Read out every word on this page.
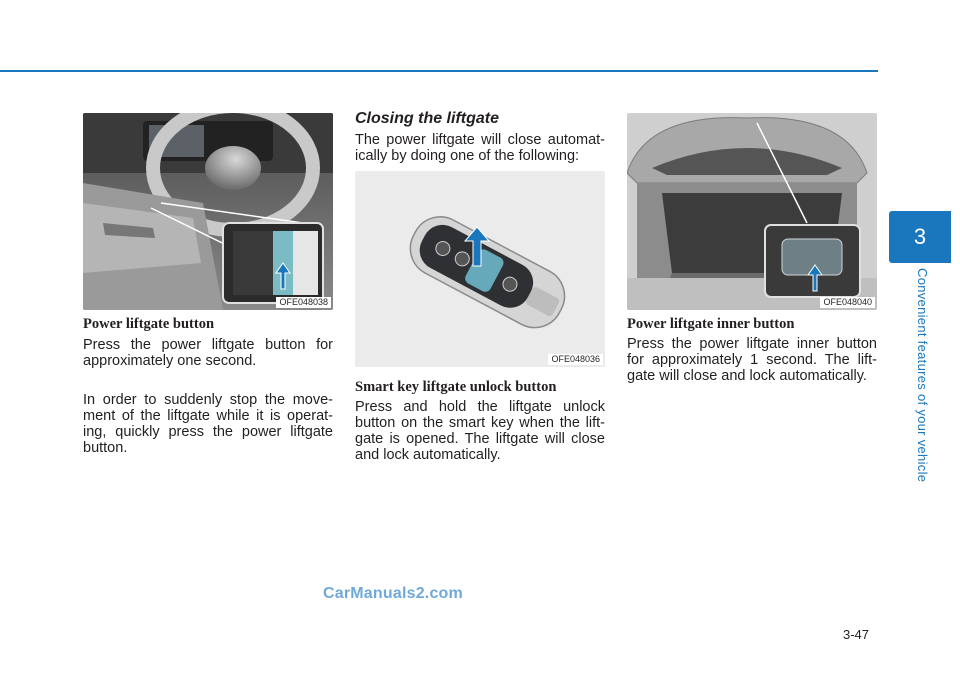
OFE048038
Power liftgate button

Press the power liftgate button for approximately one second.

In order to suddenly stop the move-ment of the liftgate while it is operat-ing, quickly press the power liftgate button.

Closing the liftgate

The power liftgate will close automat-ically by doing one of the following:

OFE048036
Smart key liftgate unlock button

Press and hold the liftgate unlock button on the smart key when the lift-gate is opened. The liftgate will close and lock automatically.

OFE048040
Power liftgate inner button

Press the power liftgate inner button for approximately 1 second. The lift-gate will close and lock automatically.

3
Convenient features of your vehicle
CarManuals2.com
3-47
